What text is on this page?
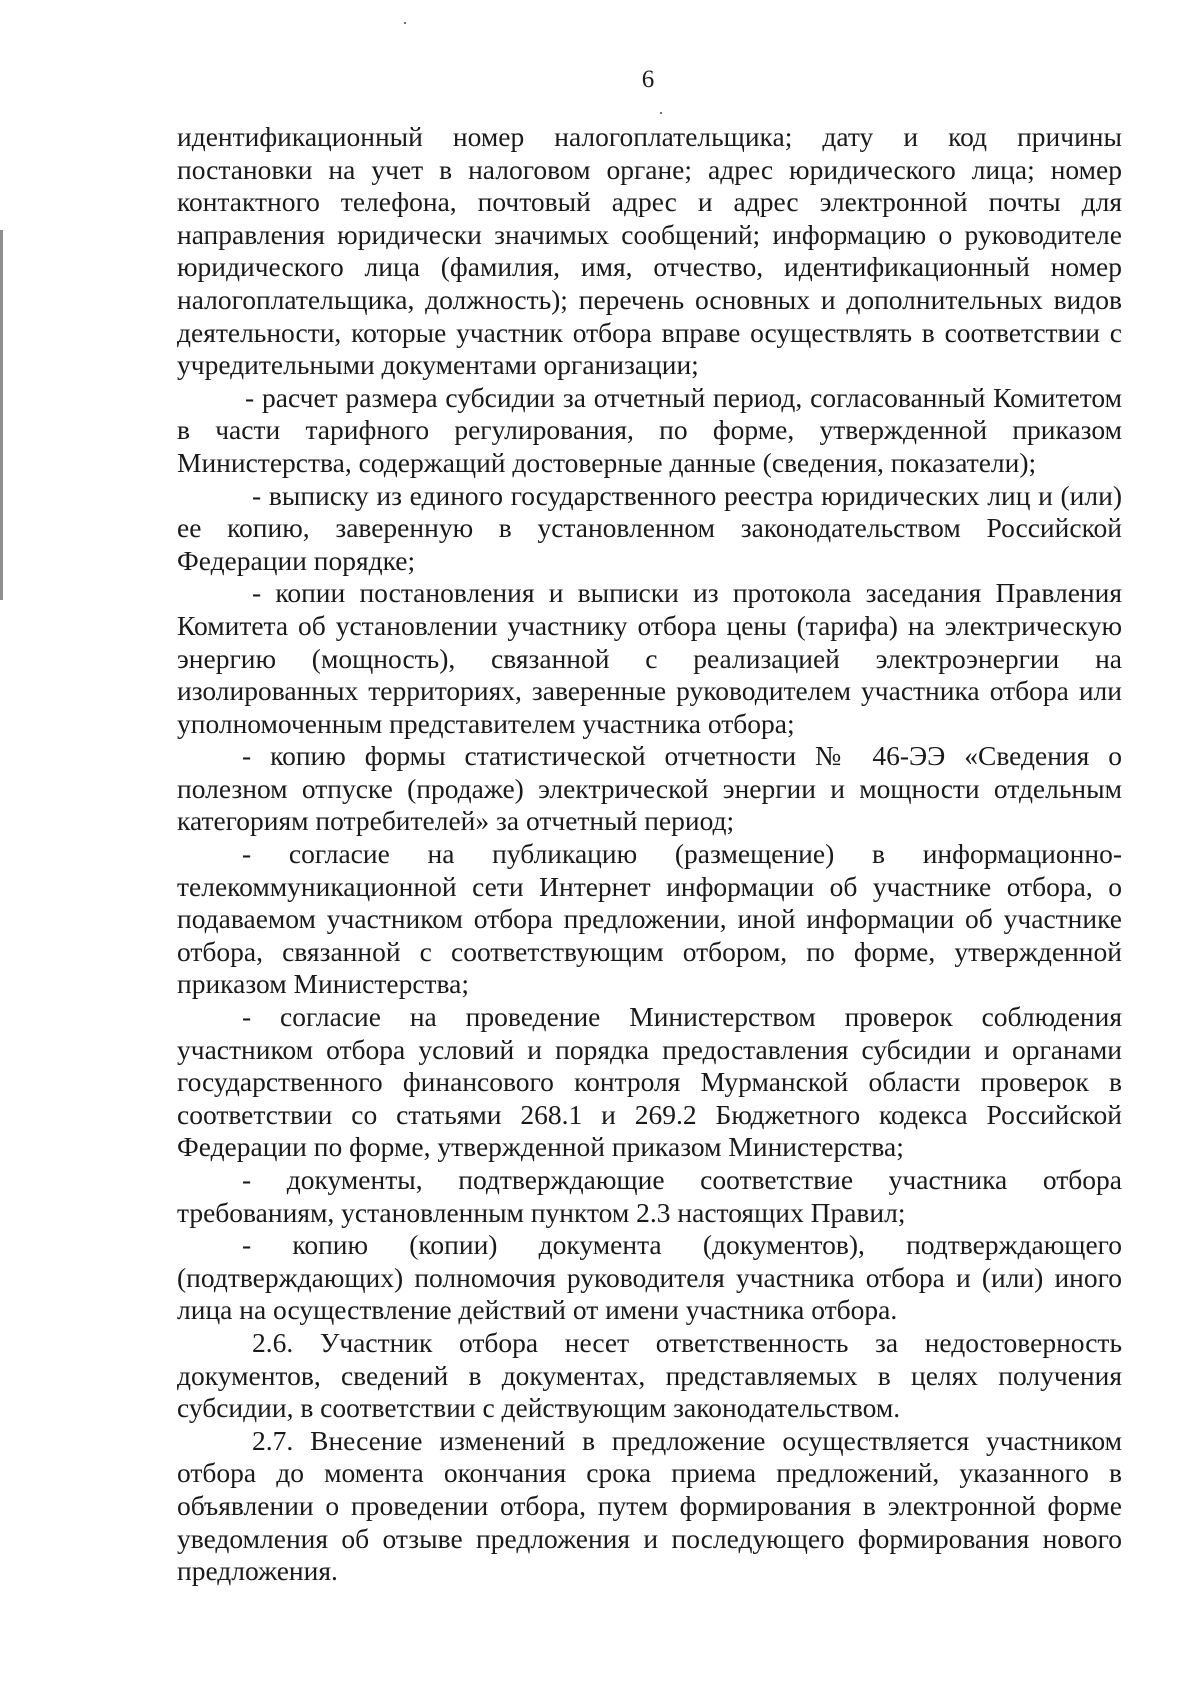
6

идентификационный номер налогоплательщика; дату и код причины постановки на учет в налоговом органе; адрес юридического лица; номер контактного телефона, почтовый адрес и адрес электронной почты для направления юридически значимых сообщений; информацию о руководителе юридического лица (фамилия, имя, отчество, идентификационный номер налогоплательщика, должность); перечень основных и дополнительных видов деятельности, которые участник отбора вправе осуществлять в соответствии с учредительными документами организации;

- расчет размера субсидии за отчетный период, согласованный Комитетом в части тарифного регулирования, по форме, утвержденной приказом Министерства, содержащий достоверные данные (сведения, показатели);

- выписку из единого государственного реестра юридических лиц и (или) ее копию, заверенную в установленном законодательством Российской Федерации порядке;

- копии постановления и выписки из протокола заседания Правления Комитета об установлении участнику отбора цены (тарифа) на электрическую энергию (мощность), связанной с реализацией электроэнергии на изолированных территориях, заверенные руководителем участника отбора или уполномоченным представителем участника отбора;

- копию формы статистической отчетности № 46-ЭЭ «Сведения о полезном отпуске (продаже) электрической энергии и мощности отдельным категориям потребителей» за отчетный период;

- согласие на публикацию (размещение) в информационно-телекоммуникационной сети Интернет информации об участнике отбора, о подаваемом участником отбора предложении, иной информации об участнике отбора, связанной с соответствующим отбором, по форме, утвержденной приказом Министерства;

- согласие на проведение Министерством проверок соблюдения участником отбора условий и порядка предоставления субсидии и органами государственного финансового контроля Мурманской области проверок в соответствии со статьями 268.1 и 269.2 Бюджетного кодекса Российской Федерации по форме, утвержденной приказом Министерства;

- документы, подтверждающие соответствие участника отбора требованиям, установленным пунктом 2.3 настоящих Правил;

- копию (копии) документа (документов), подтверждающего (подтверждающих) полномочия руководителя участника отбора и (или) иного лица на осуществление действий от имени участника отбора.

2.6. Участник отбора несет ответственность за недостоверность документов, сведений в документах, представляемых в целях получения субсидии, в соответствии с действующим законодательством.

2.7. Внесение изменений в предложение осуществляется участником отбора до момента окончания срока приема предложений, указанного в объявлении о проведении отбора, путем формирования в электронной форме уведомления об отзыве предложения и последующего формирования нового предложения.
